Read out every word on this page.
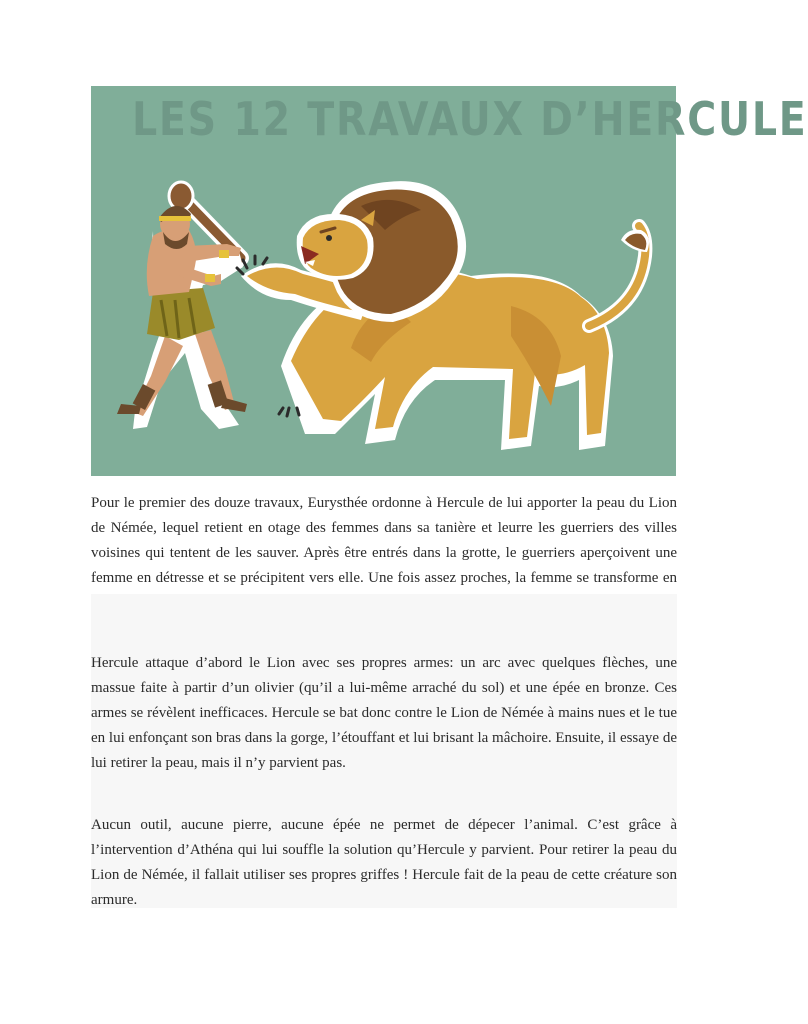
LES 12 TRAVAUX D’HERCULE

Pour le premier des douze travaux, Eurysthée ordonne à Hercule de lui apporter la peau du Lion de Némée, lequel retient en otage des femmes dans sa tanière et leurre les guerriers des villes voisines qui tentent de les sauver. Après être entrés dans la grotte, le guerriers aperçoivent une femme en détresse et se précipitent vers elle. Une fois assez proches, la femme se transforme en

Hercule attaque d’abord le Lion avec ses propres armes: un arc avec quelques flèches, une massue faite à partir d’un olivier (qu’il a lui-même arraché du sol) et une épée en bronze. Ces armes se révèlent inefficaces. Hercule se bat donc contre le Lion de Némée à mains nues et le tue en lui enfonçant son bras dans la gorge, l’étouffant et lui brisant la mâchoire. Ensuite, il essaye de lui retirer la peau, mais il n’y parvient pas.

Aucun outil, aucune pierre, aucune épée ne permet de dépecer l’animal. C’est grâce à l’intervention d’Athéna qui lui souffle la solution qu’Hercule y parvient. Pour retirer la peau du Lion de Némée, il fallait utiliser ses propres griffes ! Hercule fait de la peau de cette créature son armure.
